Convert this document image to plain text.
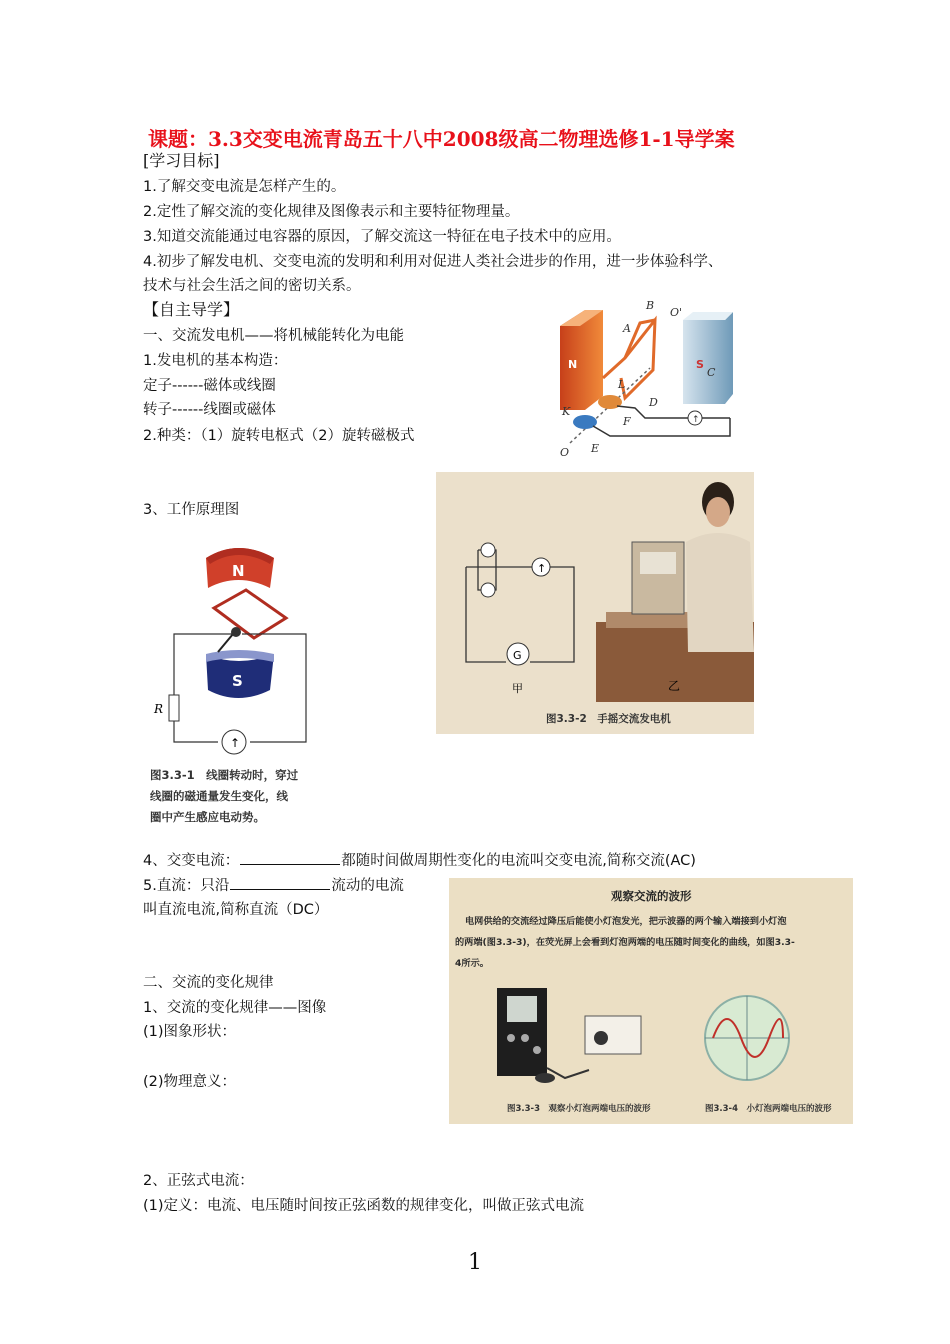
课题：3.3交变电流青岛五十八中2008级高二物理选修1-1导学案
[学习目标]
1.了解交变电流是怎样产生的。
2.定性了解交流的变化规律及图像表示和主要特征物理量。
3.知道交流能通过电容器的原因，了解交流这一特征在电子技术中的应用。
4.初步了解发电机、交变电流的发明和利用对促进人类社会进步的作用，进一步体验科学、
技术与社会生活之间的密切关系。
【自主导学】
一、交流发电机——将机械能转化为电能
1.发电机的基本构造：
定子------磁体或线圈
转子------线圈或磁体
2.种类：（1）旋转电枢式（2）旋转磁极式
3、工作原理图
↑
N	S
B
O'
A
C
L
D
K
F
O E
N
S
R
↑
图3.3-1　线圈转动时，穿过
线圈的磁通量发生变化，线
圈中产生感应电动势。
↑
G
甲	乙
图3.3-2　手摇交流发电机
4、交变电流：	都随时间做周期性变化的电流叫交变电流,简称交流(AC)
5.直流：只沿	流动的电流
叫直流电流,简称直流（DC）
观察交流的波形
电网供给的交流经过降压后能使小灯泡发光，把示波器的两个输入端接到小灯泡
的两端(图3.3-3)，在荧光屏上会看到灯泡两端的电压随时间变化的曲线，如图3.3-
4所示。
图3.3-3　观察小灯泡两端电压的波形	图3.3-4　小灯泡两端电压的波形
二、交流的变化规律
1、交流的变化规律——图像
(1)图象形状：
(2)物理意义：
2、正弦式电流：
(1)定义：电流、电压随时间按正弦函数的规律变化，叫做正弦式电流
1
